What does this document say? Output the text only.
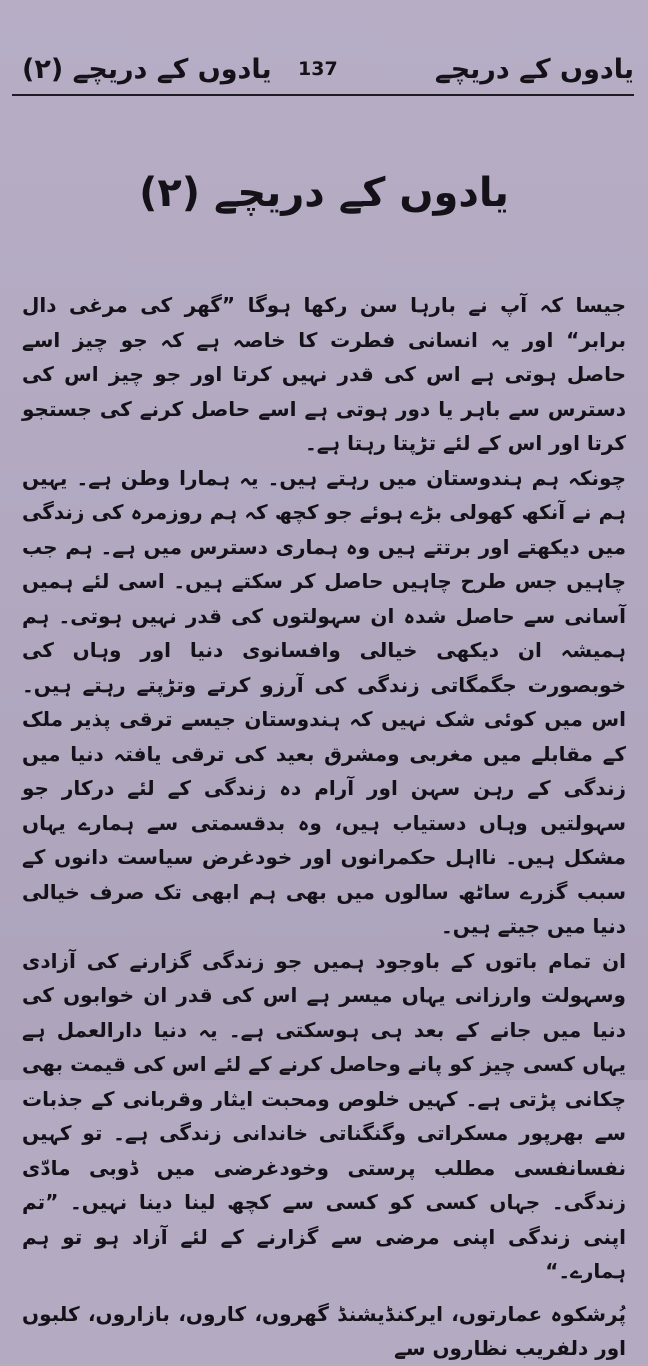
یادوں کے دریچے
137
یادوں کے دریچے (۲)
یادوں کے دریچے (۲)

جیسا کہ آپ نے بارہا سن رکھا ہوگا ”گھر کی مرغی دال برابر“ اور یہ انسانی فطرت کا خاصہ ہے کہ جو چیز اسے حاصل ہوتی ہے اس کی قدر نہیں کرتا اور جو چیز اس کی دسترس سے باہر یا دور ہوتی ہے اسے حاصل کرنے کی جستجو کرتا اور اس کے لئے تڑپتا رہتا ہے۔

چونکہ ہم ہندوستان میں رہتے ہیں۔ یہ ہمارا وطن ہے۔ یہیں ہم نے آنکھ کھولی بڑے ہوئے جو کچھ کہ ہم روزمرہ کی زندگی میں دیکھتے اور برتتے ہیں وہ ہماری دسترس میں ہے۔ ہم جب چاہیں جس طرح چاہیں حاصل کر سکتے ہیں۔ اسی لئے ہمیں آسانی سے حاصل شدہ ان سہولتوں کی قدر نہیں ہوتی۔ ہم ہمیشہ ان دیکھی خیالی وافسانوی دنیا اور وہاں کی خوبصورت جگمگاتی زندگی کی آرزو کرتے وتڑپتے رہتے ہیں۔ اس میں کوئی شک نہیں کہ ہندوستان جیسے ترقی پذیر ملک کے مقابلے میں مغربی ومشرق بعید کی ترقی یافتہ دنیا میں زندگی کے رہن سہن اور آرام دہ زندگی کے لئے درکار جو سہولتیں وہاں دستیاب ہیں، وہ بدقسمتی سے ہمارے یہاں مشکل ہیں۔ نااہل حکمرانوں اور خودغرض سیاست دانوں کے سبب گزرے ساٹھ سالوں میں بھی ہم ابھی تک صرف خیالی دنیا میں جیتے ہیں۔

ان تمام باتوں کے باوجود ہمیں جو زندگی گزارنے کی آزادی وسہولت وارزانی یہاں میسر ہے اس کی قدر ان خوابوں کی دنیا میں جانے کے بعد ہی ہوسکتی ہے۔ یہ دنیا دارالعمل ہے یہاں کسی چیز کو پانے وحاصل کرنے کے لئے اس کی قیمت بھی چکانی پڑتی ہے۔ کہیں خلوص ومحبت ایثار وقربانی کے جذبات سے بھرپور مسکراتی وگنگناتی خاندانی زندگی ہے۔ تو کہیں نفسانفسی مطلب پرستی وخودغرضی میں ڈوبی مادّی زندگی۔ جہاں کسی کو کسی سے کچھ لینا دینا نہیں۔ ”تم اپنی زندگی اپنی مرضی سے گزارنے کے لئے آزاد ہو تو ہم ہمارے۔“

پُرشکوہ عمارتوں، ایرکنڈیشنڈ گھروں، کاروں، بازاروں، کلبوں اور دلفریب نظاروں سے
